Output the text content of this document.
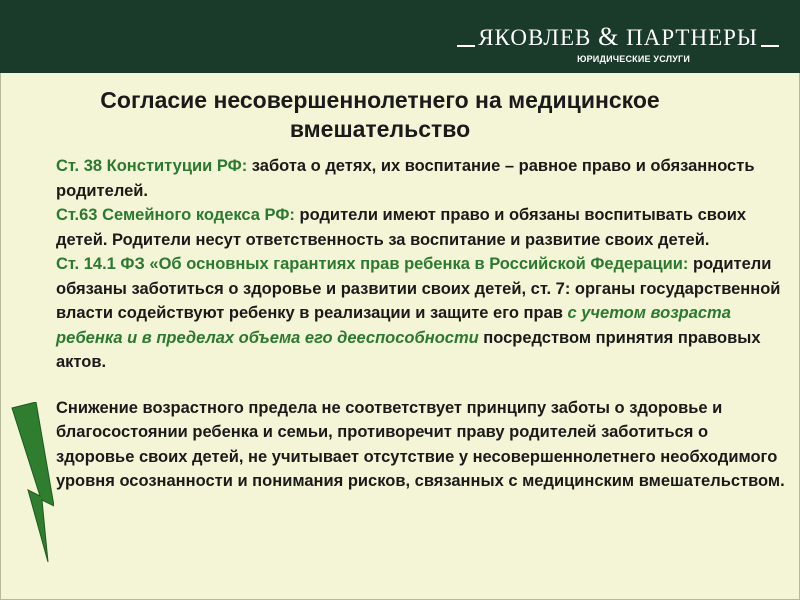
ЯКОВЛЕВ & ПАРТНЕРЫ
ЮРИДИЧЕСКИЕ УСЛУГИ
Согласие несовершеннолетнего на медицинское
вмешательство

Ст. 38 Конституции РФ: забота о детях, их воспитание – равное право и обязанность родителей.

Ст.63 Семейного кодекса РФ: родители имеют право и обязаны воспитывать своих детей. Родители несут ответственность за воспитание и развитие своих детей.

Ст. 14.1 ФЗ «Об основных гарантиях прав ребенка в Российской Федерации: родители обязаны заботиться о здоровье и развитии своих детей, ст. 7: органы государственной власти содействуют ребенку в реализации и защите его прав с учетом возраста ребенка и в пределах объема его дееспособности посредством принятия правовых актов.

Снижение возрастного предела не соответствует принципу заботы о здоровье и благосостоянии ребенка и семьи, противоречит праву родителей заботиться о здоровье своих детей, не учитывает отсутствие у несовершеннолетнего необходимого уровня осознанности и понимания рисков, связанных с медицинским вмешательством.
